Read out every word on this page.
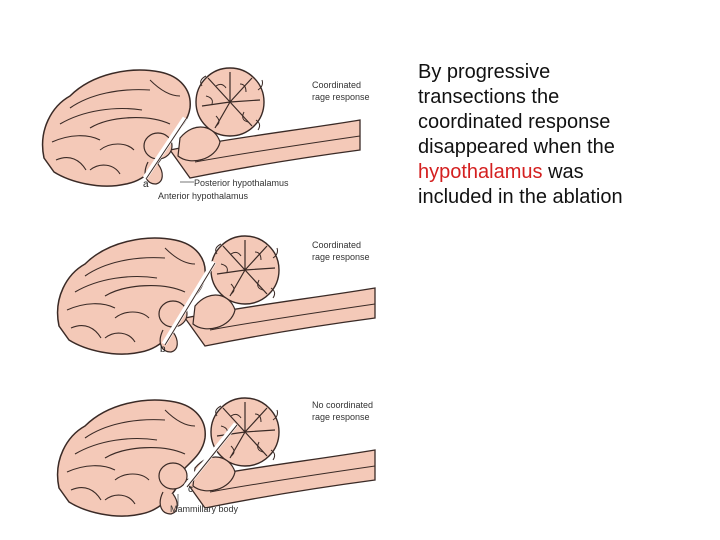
Coordinated
rage response
Posterior hypothalamus
Anterior hypothalamus
a
Coordinated
rage response
b
No coordinated
rage response
c
Mammillary body
By progressive
transections the
coordinated response
disappeared when the
hypothalamus was
included in the ablation
